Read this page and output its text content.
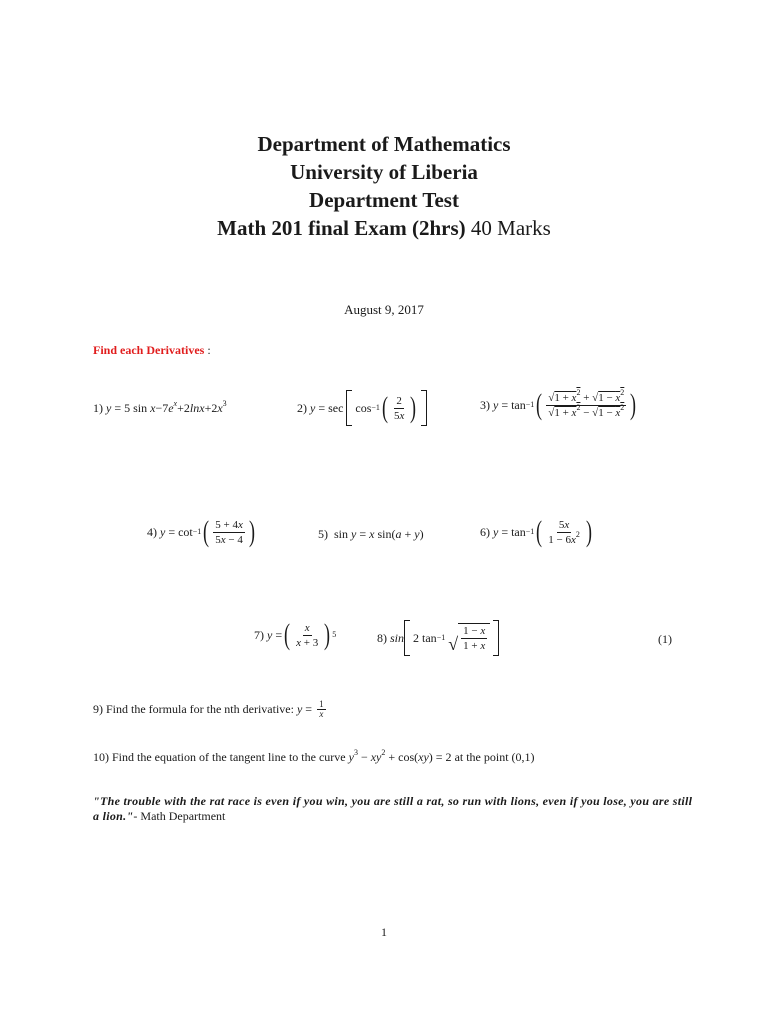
Department of Mathematics
University of Liberia
Department Test
Math 201 final Exam (2hrs) 40 Marks
August 9, 2017
Find each Derivatives :
1) y = 5 $\sin x-7e^x+2\ln x+2x^3$	2)
y = sec
cos −1 ( $\frac{2}{5x}$ )	3)
y = tan −1 ( $\frac{√1 + x^2 + √1 - x^2}{√1 + x^2 - √1 - x^2}$ )
4)
y = cot −1 ( $\frac{5 + 4x}{5x - 4}$ )	5) sin y = x sin(a + y)	6)
y = tan −1 ( $\frac{5x}{1 - 6x^2}$ )
7)
y = ( $\frac{x}{x + 3}$ ) 5	8)
sin 2 tan −1
√ $\frac{1 - x}{1 + x}$	(1)
9) Find the formula for the nth derivative:
$y = \frac{1}{x}$
10) Find the equation of the tangent line to the curve $y^3 - xy^2 + \cos(xy) = 2$ at the point (0,1)
"The trouble with the rat race is even if you win, you are still a rat, so run with lions, even if you lose, you are still a lion."- Math Department
1
